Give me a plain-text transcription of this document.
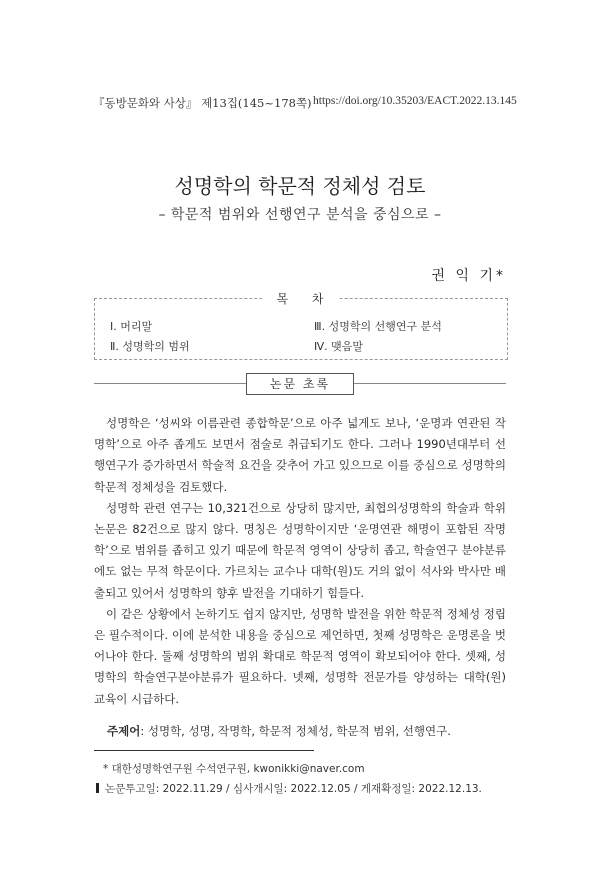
『동방문화와 사상』 제13집(145~178쪽) https://doi.org/10.35203/EACT.2022.13.145
성명학의 학문적 정체성 검토
– 학문적 범위와 선행연구 분석을 중심으로 –
권 익 기*
목 차
Ⅰ. 머리말
Ⅱ. 성명학의 범위
Ⅲ. 성명학의 선행연구 분석
Ⅳ. 맺음말
논문 초록

성명학은 ‘성씨와 이름관련 종합학문’으로 아주 넓게도 보나, ‘운명과 연관된 작명학’으로 아주 좁게도 보면서 점술로 취급되기도 한다. 그러나 1990년대부터 선행연구가 증가하면서 학술적 요건을 갖추어 가고 있으므로 이를 중심으로 성명학의 학문적 정체성을 검토했다.

성명학 관련 연구는 10,321건으로 상당히 많지만, 최협의성명학의 학술과 학위논문은 82건으로 많지 않다. 명칭은 성명학이지만 ‘운명연관 해명이 포함된 작명학’으로 범위를 좁히고 있기 때문에 학문적 영역이 상당히 좁고, 학술연구 분야분류에도 없는 무적 학문이다. 가르치는 교수나 대학(원)도 거의 없이 석사와 박사만 배출되고 있어서 성명학의 향후 발전을 기대하기 힘들다.

이 같은 상황에서 논하기도 쉽지 않지만, 성명학 발전을 위한 학문적 정체성 정립은 필수적이다. 이에 분석한 내용을 중심으로 제언하면, 첫째 성명학은 운명론을 벗어나야 한다. 둘째 성명학의 범위 확대로 학문적 영역이 확보되어야 한다. 셋째, 성명학의 학술연구분야분류가 필요하다. 넷째, 성명학 전문가를 양성하는 대학(원) 교육이 시급하다.

주제어: 성명학, 성명, 작명학, 학문적 정체성, 학문적 범위, 선행연구.
* 대한성명학연구원 수석연구원, kwonikki@naver.com
논문투고일: 2022.11.29 / 심사개시일: 2022.12.05 / 게재확정일: 2022.12.13.
